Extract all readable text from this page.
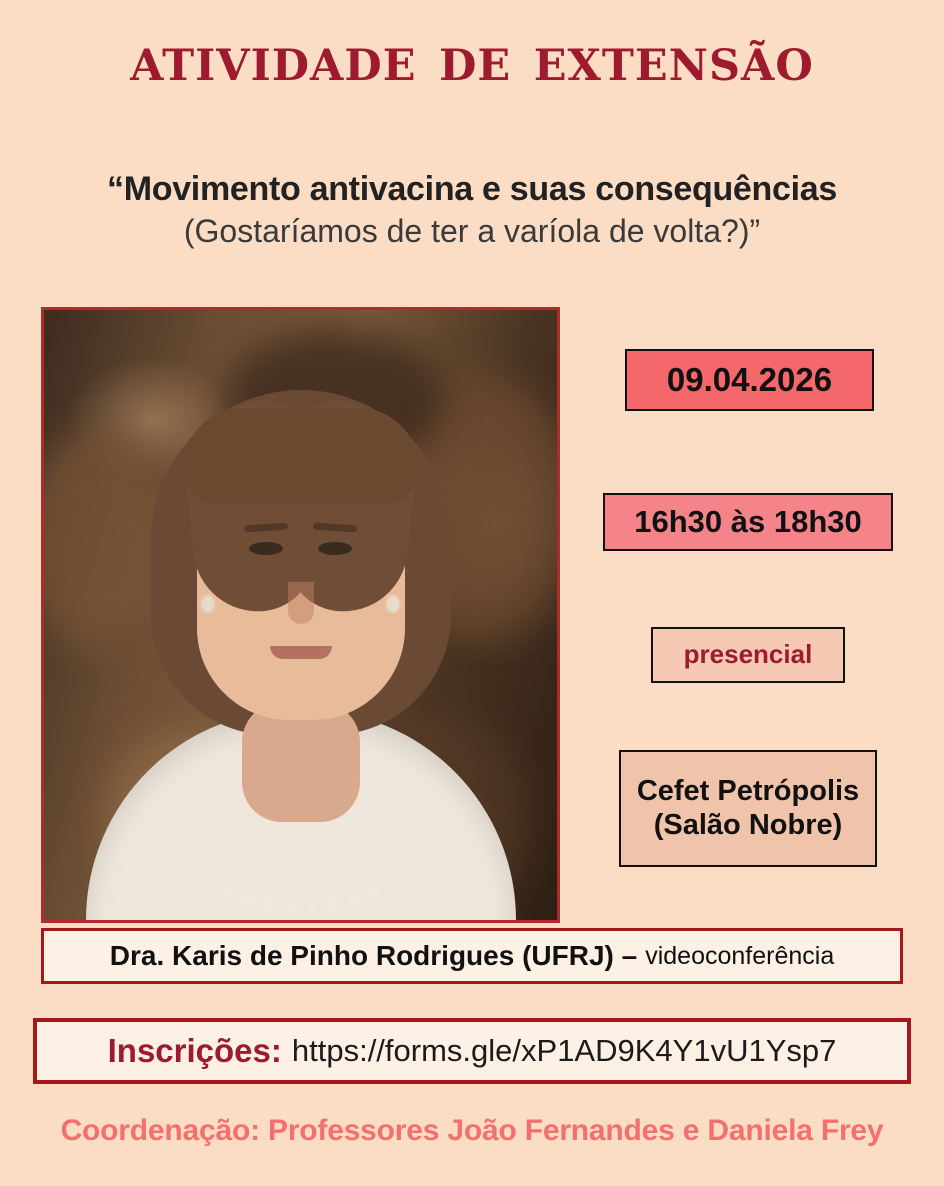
atividade de extensão
“Movimento antivacina e suas consequências
(Gostaríamos de ter a varíola de volta?)”
09.04.2026
16h30 às 18h30
presencial
Cefet Petrópolis
(Salão Nobre)
Dra. Karis de Pinho Rodrigues (UFRJ) – videoconferência
Inscrições: https://forms.gle/xP1AD9K4Y1vU1Ysp7
Coordenação: Professores João Fernandes e Daniela Frey
